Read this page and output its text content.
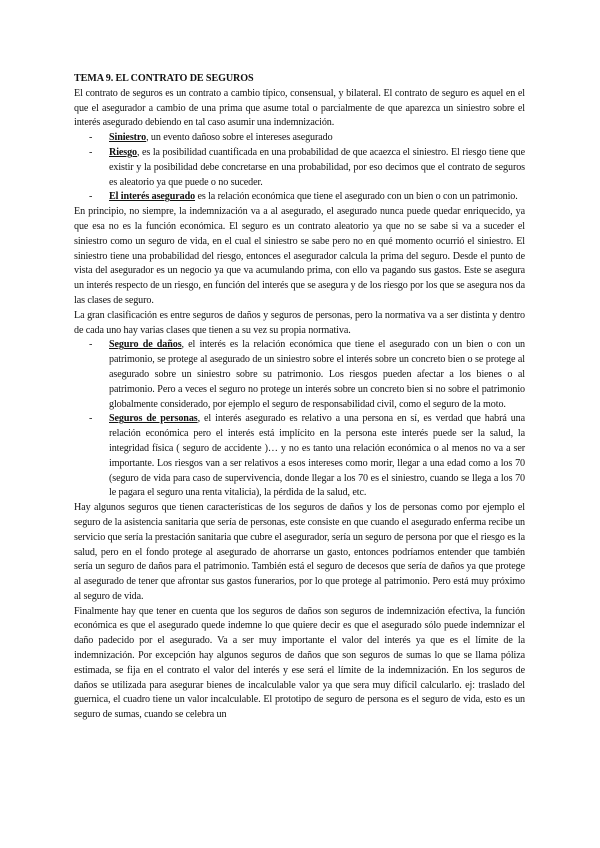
TEMA 9. EL CONTRATO DE SEGUROS

El contrato de seguros es un contrato a cambio típico, consensual, y bilateral. El contrato de seguro es aquel en el que el asegurador a cambio de una prima que asume total o parcialmente de que aparezca un siniestro sobre el interés asegurado debiendo en tal caso asumir una indemnización.

- Siniestro, un evento dañoso sobre el intereses asegurado
- Riesgo, es la posibilidad cuantificada en una probabilidad de que acaezca el siniestro. El riesgo tiene que existir y la posibilidad debe concretarse en una probabilidad, por eso decimos que el contrato de seguros es aleatorio ya que puede o no suceder.
- El interés asegurado es la relación económica que tiene el asegurado con un bien o con un patrimonio.

En principio, no siempre, la indemnización va a al asegurado, el asegurado nunca puede quedar enriquecido, ya que esa no es la función económica. El seguro es un contrato aleatorio ya que no se sabe si va a suceder el siniestro como un seguro de vida, en el cual el siniestro se sabe pero no en qué momento ocurrió el siniestro. El siniestro tiene una probabilidad del riesgo, entonces el asegurador calcula la prima del seguro. Desde el punto de vista del asegurador es un negocio ya que va acumulando prima, con ello va pagando sus gastos. Este se asegura un interés respecto de un riesgo, en función del interés que se asegura y de los riesgo por los que se asegura nos da las clases de seguro.

La gran clasificación es entre seguros de daños y seguros de personas, pero la normativa va a ser distinta y dentro de cada uno hay varias clases que tienen a su vez su propia normativa.

- Seguro de daños, el interés es la relación económica que tiene el asegurado con un bien o con un patrimonio, se protege al asegurado de un siniestro sobre el interés sobre un concreto bien o se protege al asegurado sobre un siniestro sobre su patrimonio. Los riesgos pueden afectar a los bienes o al patrimonio. Pero a veces el seguro no protege un interés sobre un concreto bien si no sobre el patrimonio globalmente considerado, por ejemplo el seguro de responsabilidad civil, como el seguro de la moto.
- Seguros de personas, el interés asegurado es relativo a una persona en sí, es verdad que habrá una relación económica pero el interés está implícito en la persona este interés puede ser la salud, la integridad física ( seguro de accidente )… y no es tanto una relación económica o al menos no va a ser importante. Los riesgos van a ser relativos a esos intereses como morir, llegar a una edad como a los 70 (seguro de vida para caso de supervivencia, donde llegar a los 70 es el siniestro, cuando se llega a los 70 le pagara el seguro una renta vitalicia), la pérdida de la salud, etc.

Hay algunos seguros que tienen características de los seguros de daños y los de personas como por ejemplo el seguro de la asistencia sanitaria que sería de personas, este consiste en que cuando el asegurado enferma recibe un servicio que sería la prestación sanitaria que cubre el asegurador, sería un seguro de persona por que el riesgo es la salud, pero en el fondo protege al asegurado de ahorrarse un gasto, entonces podríamos entender que también sería un seguro de daños para el patrimonio. También está el seguro de decesos que sería de daños ya que protege al asegurado de tener que afrontar sus gastos funerarios, por lo que protege al patrimonio. Pero está muy próximo al seguro de vida.

Finalmente hay que tener en cuenta que los seguros de daños son seguros de indemnización efectiva, la función económica es que el asegurado quede indemne lo que quiere decir es que el asegurado sólo puede indemnizar el daño padecido por el asegurado. Va a ser muy importante el valor del interés ya que es el límite de la indemnización. Por excepción hay algunos seguros de daños que son seguros de sumas lo que se llama póliza estimada, se fija en el contrato el valor del interés y ese será el límite de la indemnización. En los seguros de daños se utilizada para asegurar bienes de incalculable valor ya que sera muy difícil calcularlo. ej: traslado del guernica, el cuadro tiene un valor incalculable. El prototipo de seguro de persona es el seguro de vida, esto es un seguro de sumas, cuando se celebra un
